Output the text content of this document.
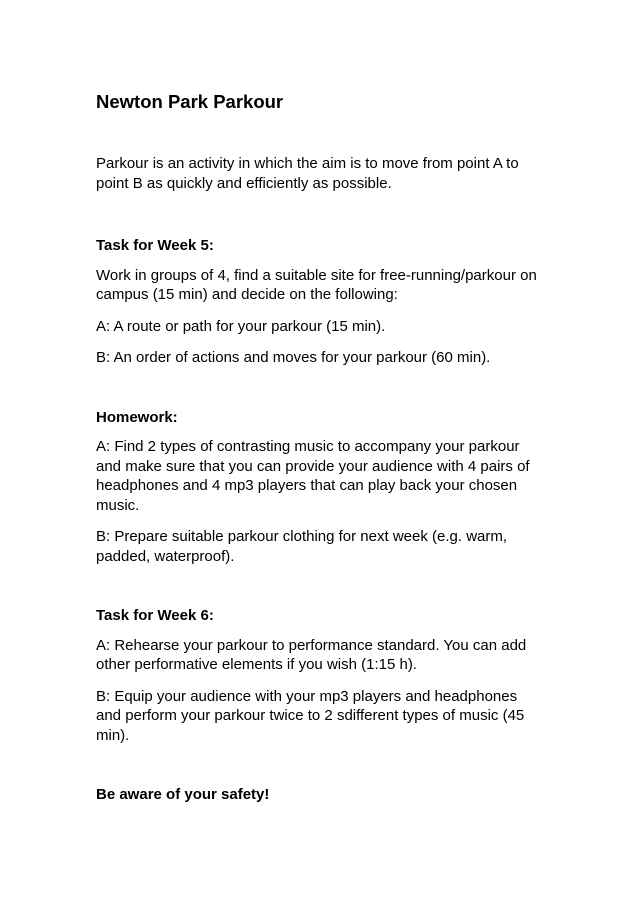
Newton Park Parkour

Parkour is an activity in which the aim is to move from point A to point B as quickly and efficiently as possible.

Task for Week 5:

Work in groups of 4, find a suitable site for free-running/parkour on campus (15 min) and decide on the following:

A: A route or path for your parkour (15 min).

B: An order of actions and moves for your parkour (60 min).

Homework:

A: Find 2 types of contrasting music to accompany your parkour and make sure that you can provide your audience with 4 pairs of headphones and 4 mp3 players that can play back your chosen music.

B: Prepare suitable parkour clothing for next week (e.g. warm, padded, waterproof).

Task for Week 6:

A: Rehearse your parkour to performance standard. You can add other performative elements if you wish (1:15 h).

B: Equip your audience with your mp3 players and headphones and perform your parkour twice to 2 sdifferent types of music (45 min).

Be aware of your safety!
